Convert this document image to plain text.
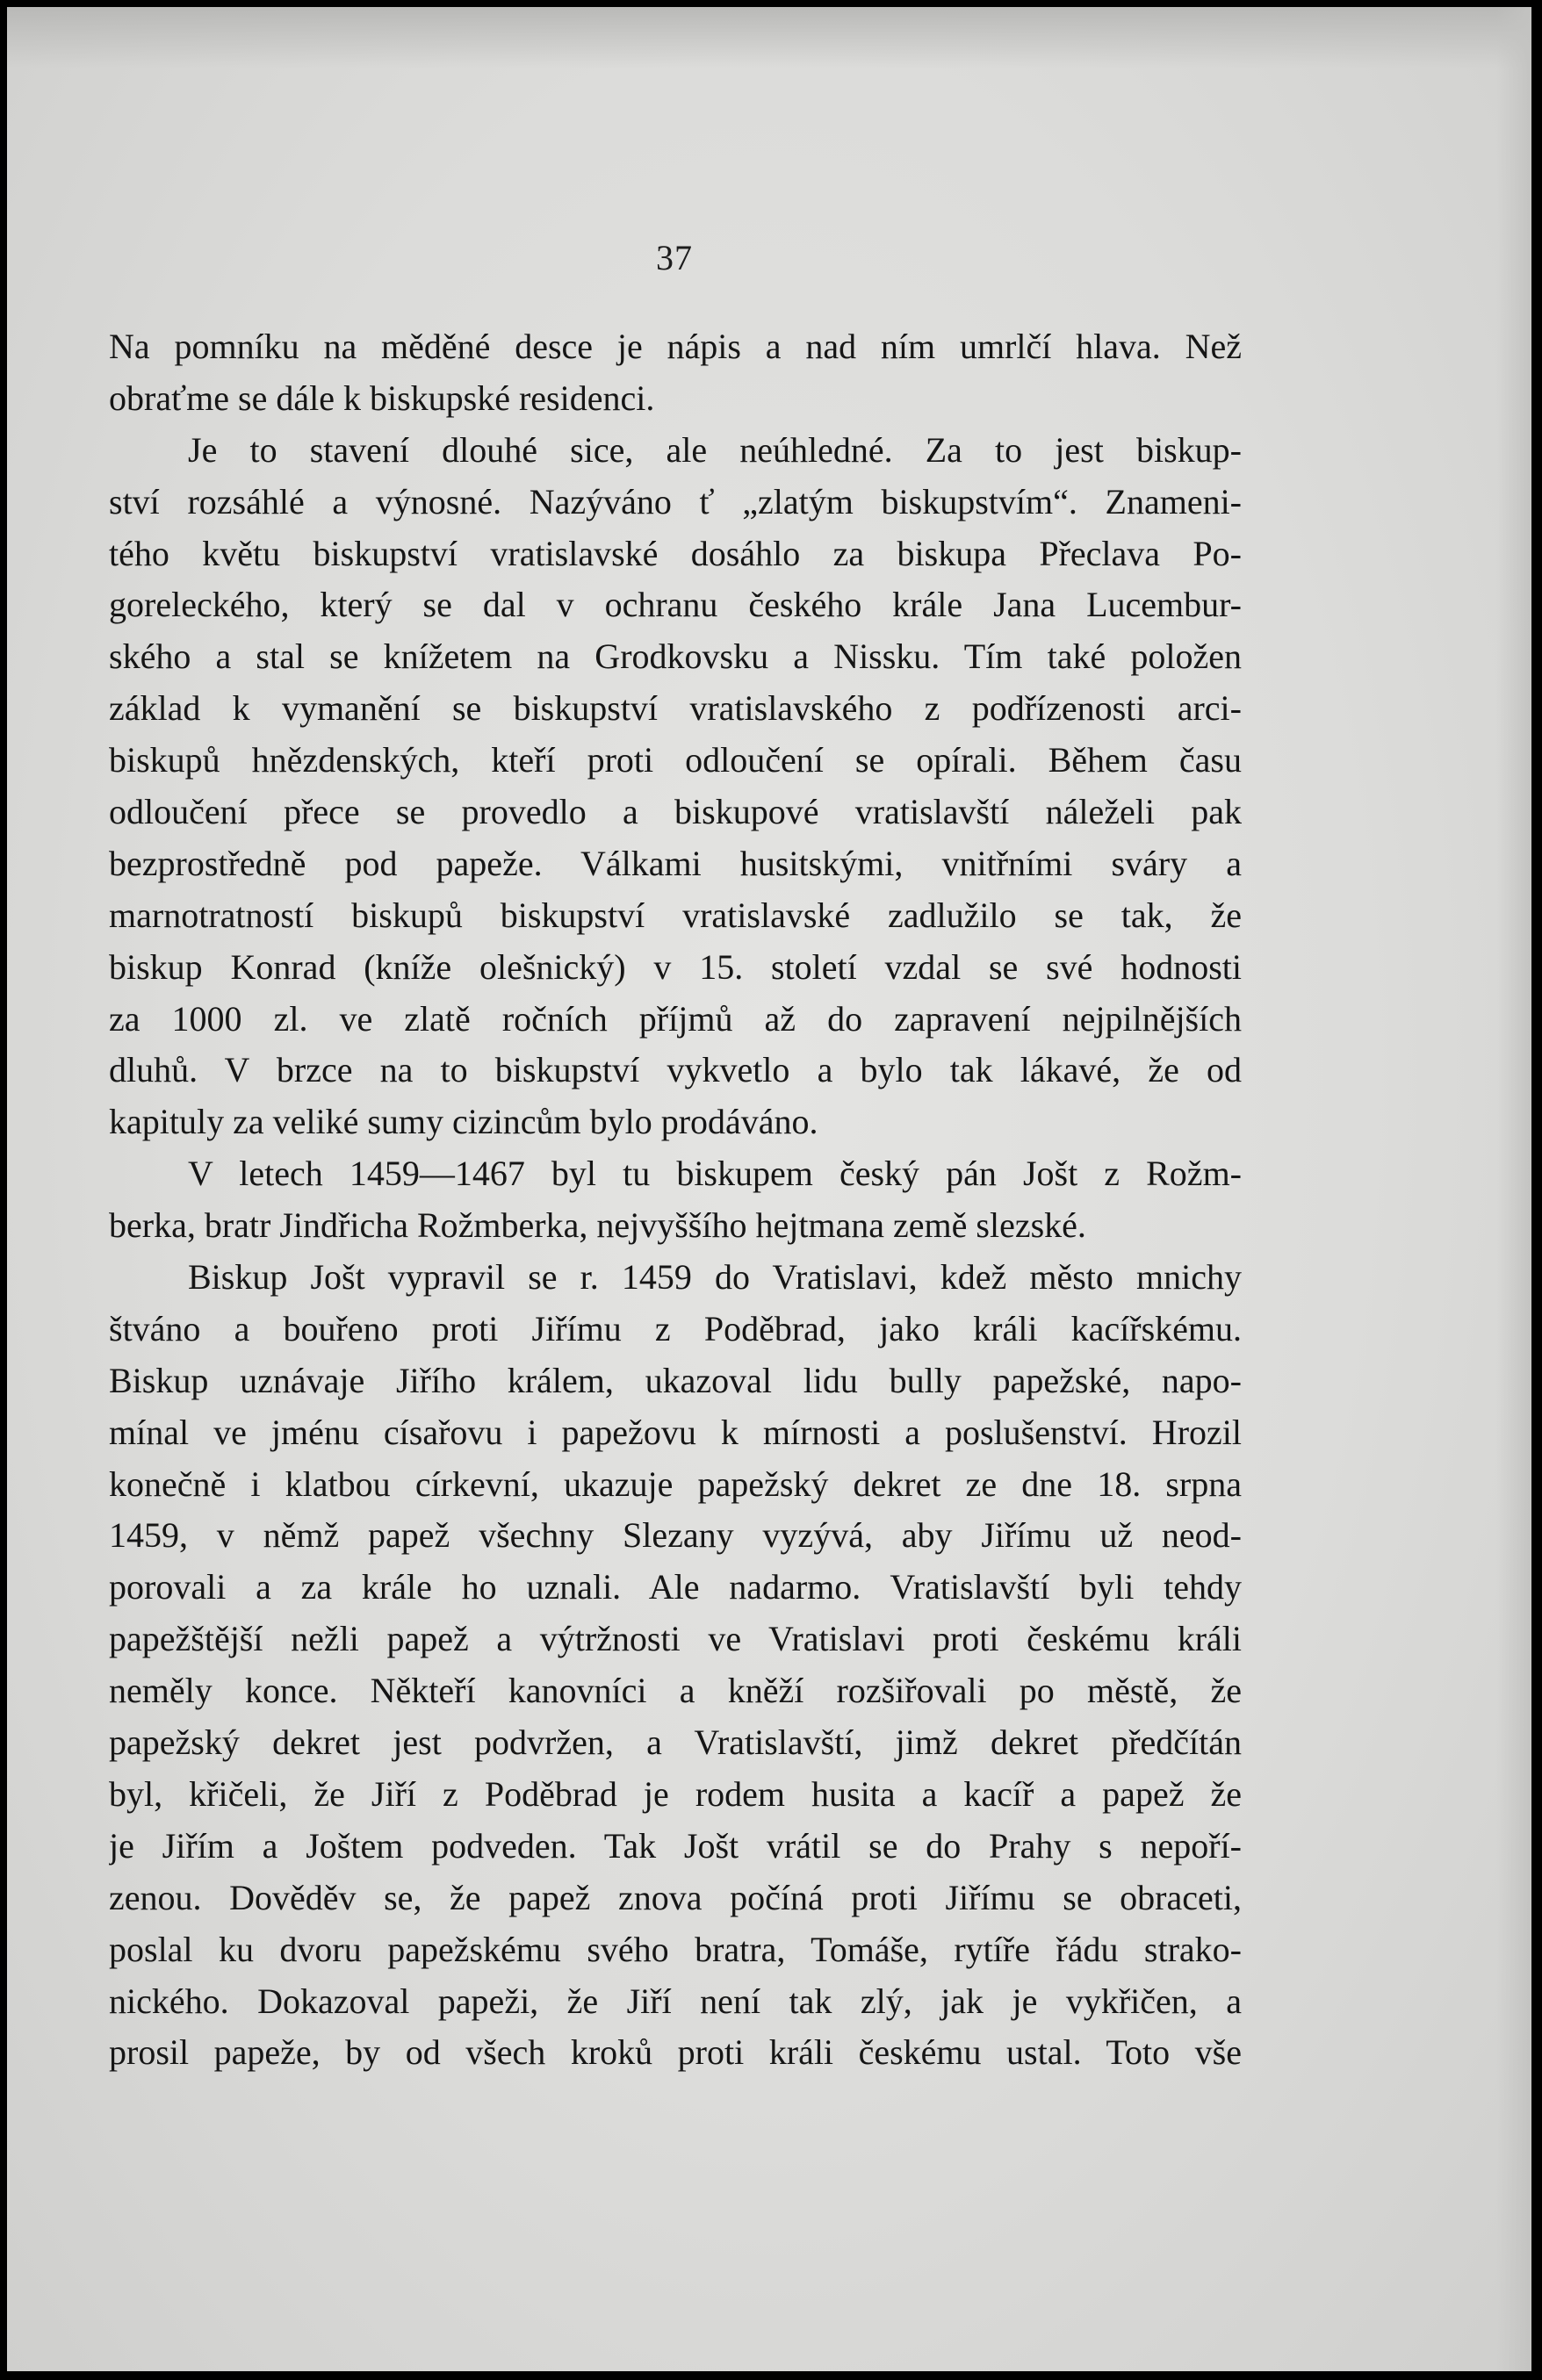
37
Na pomníku na měděné desce je nápis a nad ním umrlčí hlava. Než
obraťme se dále k biskupské residenci.
Je to stavení dlouhé sice, ale neúhledné. Za to jest biskup-
ství rozsáhlé a výnosné. Nazýváno ť „zlatým biskupstvím“. Znameni-
tého květu biskupství vratislavské dosáhlo za biskupa Přeclava Po-
goreleckého, který se dal v ochranu českého krále Jana Lucembur-
ského a stal se knížetem na Grodkovsku a Nissku. Tím také položen
základ k vymanění se biskupství vratislavského z podřízenosti arci-
biskupů hnězdenských, kteří proti odloučení se opírali. Během času
odloučení přece se provedlo a biskupové vratislavští náleželi pak
bezprostředně pod papeže. Válkami husitskými, vnitřními sváry a
marnotratností biskupů biskupství vratislavské zadlužilo se tak, že
biskup Konrad (kníže olešnický) v 15. století vzdal se své hodnosti
za 1000 zl. ve zlatě ročních příjmů až do zapravení nejpilnějších
dluhů. V brzce na to biskupství vykvetlo a bylo tak lákavé, že od
kapituly za veliké sumy cizincům bylo prodáváno.
V letech 1459—1467 byl tu biskupem český pán Jošt z Rožm-
berka, bratr Jindřicha Rožmberka, nejvyššího hejtmana země slezské.
Biskup Jošt vypravil se r. 1459 do Vratislavi, kdež město mnichy
štváno a bouřeno proti Jiřímu z Poděbrad, jako králi kacířskému.
Biskup uznávaje Jiřího králem, ukazoval lidu bully papežské, napo-
mínal ve jménu císařovu i papežovu k mírnosti a poslušenství. Hrozil
konečně i klatbou církevní, ukazuje papežský dekret ze dne 18. srpna
1459, v němž papež všechny Slezany vyzývá, aby Jiřímu už neod-
porovali a za krále ho uznali. Ale nadarmo. Vratislavští byli tehdy
papežštější nežli papež a výtržnosti ve Vratislavi proti českému králi
neměly konce. Někteří kanovníci a kněží rozšiřovali po městě, že
papežský dekret jest podvržen, a Vratislavští, jimž dekret předčítán
byl, křičeli, že Jiří z Poděbrad je rodem husita a kacíř a papež že
je Jiřím a Joštem podveden. Tak Jošt vrátil se do Prahy s nepoří-
zenou. Dověděv se, že papež znova počíná proti Jiřímu se obraceti,
poslal ku dvoru papežskému svého bratra, Tomáše, rytíře řádu strako-
nického. Dokazoval papeži, že Jiří není tak zlý, jak je vykřičen, a
prosil papeže, by od všech kroků proti králi českému ustal. Toto vše
